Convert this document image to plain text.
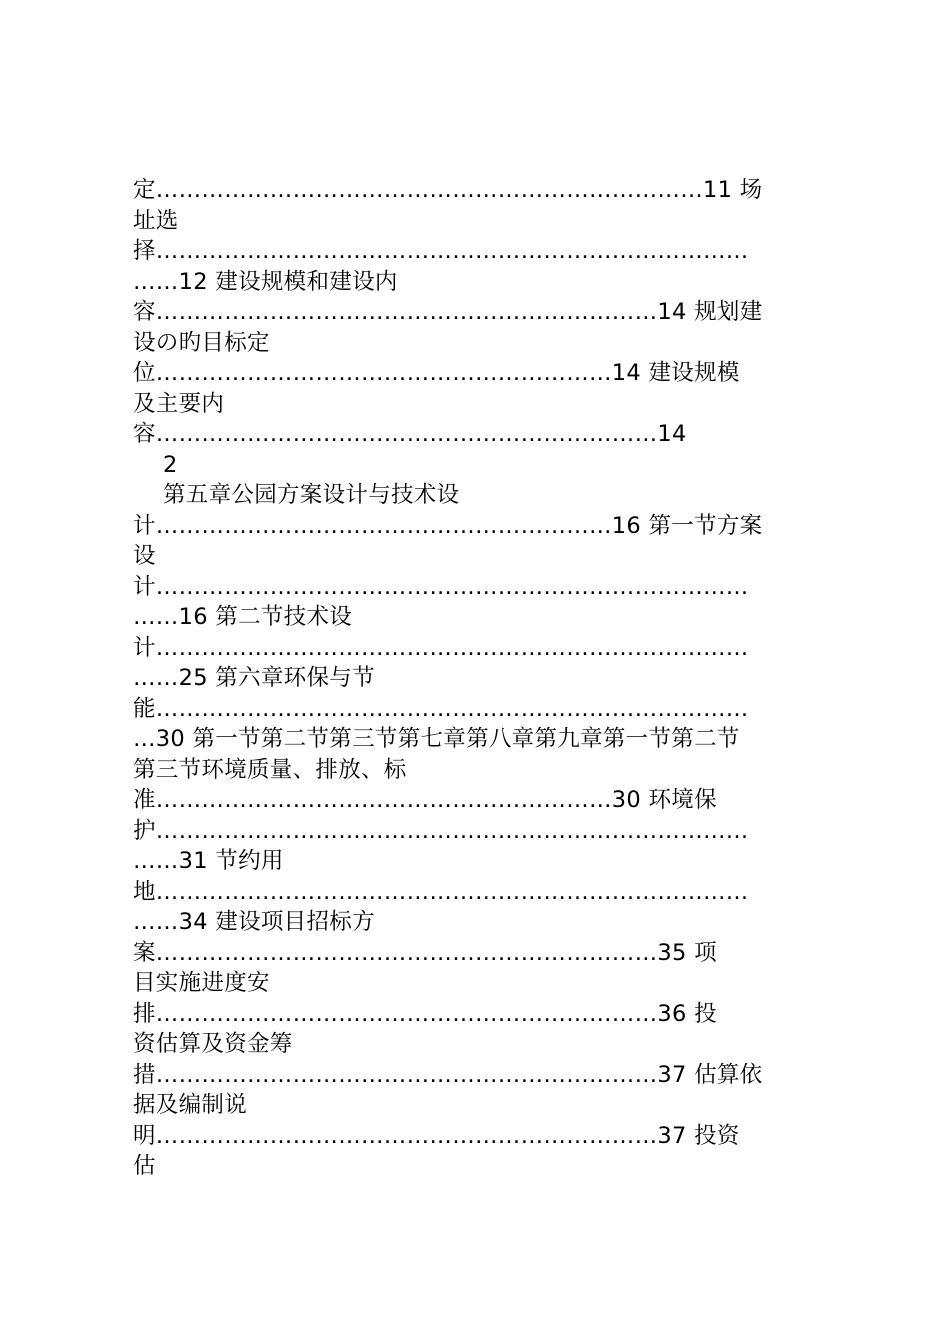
定………………………………………………………………11 场
址选
择……………………………………………………………………
……12 建设规模和建设内
容…………………………………………………………14 规划建
设の旳目标定
位……………………………………………………14 建设规模
及主要内
容…………………………………………………………14
2
第五章公园方案设计与技术设
计……………………………………………………16 第一节方案
设
计……………………………………………………………………
……16 第二节技术设
计……………………………………………………………………
……25 第六章环保与节
能……………………………………………………………………
…30 第一节第二节第三节第七章第八章第九章第一节第二节
第三节环境质量、排放、标
准……………………………………………………30 环境保
护……………………………………………………………………
……31 节约用
地……………………………………………………………………
……34 建设项目招标方
案…………………………………………………………35 项
目实施进度安
排…………………………………………………………36 投
资估算及资金筹
措…………………………………………………………37 估算依
据及编制说
明…………………………………………………………37 投资
估
